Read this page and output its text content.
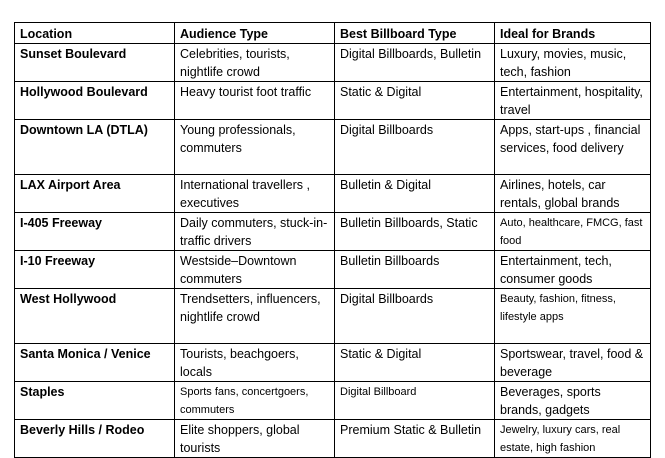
Location	Audience Type	Best Billboard Type	Ideal for Brands
Sunset Boulevard	Celebrities, tourists, nightlife crowd	Digital Billboards, Bulletin	Luxury, movies, music, tech, fashion
Hollywood Boulevard	Heavy tourist foot traffic	Static & Digital	Entertainment, hospitality, travel
Downtown LA (DTLA)	Young professionals, commuters	Digital Billboards	Apps, start-ups , financial services, food delivery
LAX Airport Area	International travellers , executives	Bulletin & Digital	Airlines, hotels, car rentals, global brands
I-405 Freeway	Daily commuters, stuck-in-traffic drivers	Bulletin Billboards, Static	Auto, healthcare, FMCG, fast food
I-10 Freeway	Westside–Downtown commuters	Bulletin Billboards	Entertainment, tech, consumer goods
West Hollywood	Trendsetters, influencers, nightlife crowd	Digital Billboards	Beauty, fashion, fitness, lifestyle apps
Santa Monica / Venice	Tourists, beachgoers, locals	Static & Digital	Sportswear, travel, food & beverage
Staples	Sports fans, concertgoers, commuters	Digital Billboard	Beverages, sports brands, gadgets
Beverly Hills / Rodeo	Elite shoppers, global tourists	Premium Static & Bulletin	Jewelry, luxury cars, real estate, high fashion
